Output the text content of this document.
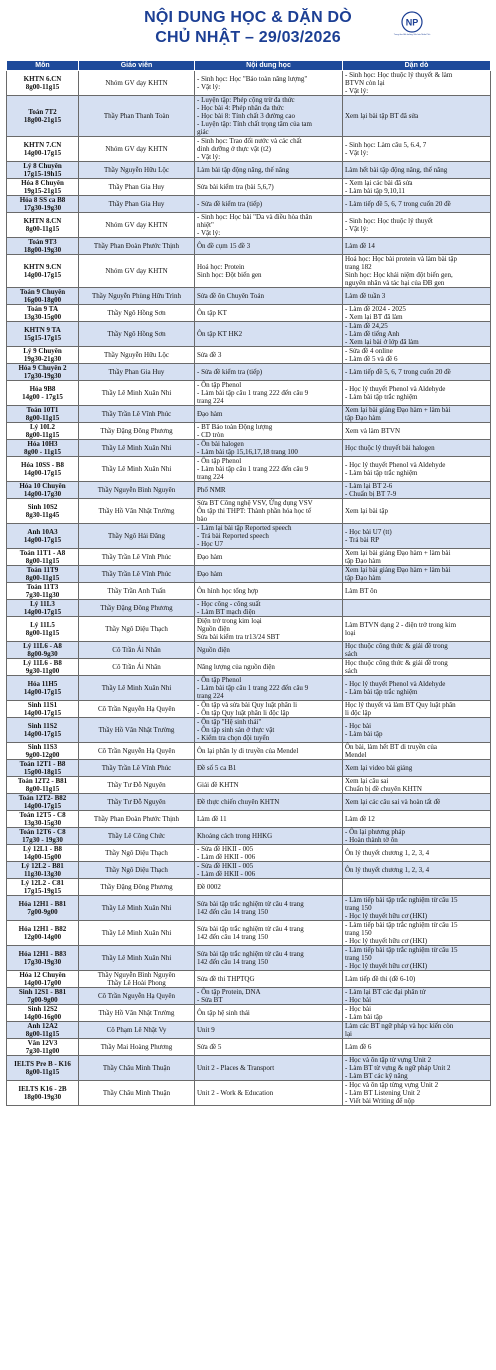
NỘI DUNG HỌC & DẶN DÒ
CHỦ NHẬT – 29/03/2026
NP
Trung tâm Bồi dưỡng Văn hóa Nhân Phú
Môn	Giáo viên	Nội dung học	Dặn dò

KHTN 6.CN
8g00-11g15	Nhóm GV dạy KHTN	- Sinh học: Học "Bảo toàn năng lượng"
- Vật lý:	- Sinh học: Học thuộc lý thuyết & làm
BTVN còn lại
- Vật lý:

Toán 7T2
18g00-21g15	Thầy Phan Thanh Toàn	- Luyện tập: Phép cộng trừ đa thức
- Học bài 4: Phép nhân đa thức
- Học bài 8: Tính chất 3 đường cao
- Luyện tập: Tính chất trọng tâm của tam
giác	Xem lại bài tập BT đã sửa

KHTN 7.CN
14g00-17g15	Nhóm GV dạy KHTN	- Sinh học: Trao đổi nước và các chất
dinh dưỡng ở thực vật (t2)
- Vật lý:	- Sinh học: Làm câu 5, 6.4, 7
- Vật lý:

Lý 8 Chuyên
17g15-19h15	Thầy Nguyễn Hữu Lộc	Làm bài tập động năng, thế năng	Làm hết bài tập động năng, thế năng

Hóa 8 Chuyên
19g15-21g15	Thầy Phan Gia Huy	Sửa bài kiểm tra (bài 5,6,7)	- Xem lại các bài đã sửa
- Làm bài tập 9,10,11

Hóa 8 SS ca B8
17g30-19g30	Thầy Phan Gia Huy	- Sửa đề kiểm tra (tiếp)	- Làm tiếp đề 5, 6, 7 trong cuốn 20 đề

KHTN 8.CN
8g00-11g15	Nhóm GV dạy KHTN	- Sinh học: Học bài "Da và điều hòa thân
nhiệt"
- Vật lý:	- Sinh học: Học thuộc lý thuyết
- Vật lý:

Toán 9T3
18g00-19g30	Thầy Phan Đoàn Phước Thịnh	Ôn đề cụm 15 đề 3	Làm đề 14

KHTN 9.CN
14g00-17g15	Nhóm GV dạy KHTN	Hoá học: Protein
Sinh học: Đột biến gen	Hoá học: Học bài protein và làm bài tập
trang 182
Sinh học: Học khái niệm đột biến gen,
nguyên nhân và tác hại của ĐB gen

Toán 9 Chuyên
16g00-18g00	Thầy Nguyễn Phùng Hữu Trình	Sửa đề ôn Chuyên Toán	Làm đề tuần 3

Toán 9 TA
13g30-15g00	Thầy Ngô Hồng Sơn	Ôn tập KT	- Làm đề 2024 - 2025
- Xem lại BT đã làm

KHTN 9 TA
15g15-17g15	Thầy Ngô Hồng Sơn	Ôn tập KT HK2	- Làm đề 24,25
- Làm đề tiếng Anh
- Xem lại bài ở lớp đã làm

Lý 9 Chuyên
19g30-21g30	Thầy Nguyễn Hữu Lộc	Sửa đề 3	- Sửa đề 4 online
- Làm đề 5 và đề 6

Hóa 9 Chuyên 2
17g30-19g30	Thầy Phan Gia Huy	- Sửa đề kiểm tra (tiếp)	- Làm tiếp đề 5, 6, 7 trong cuốn 20 đề

Hóa 9B8
14g00 - 17g15	Thầy Lê Minh Xuân Nhi	- Ôn tập Phenol
- Làm bài tập câu 1 trang 222 đến câu 9
trang 224	- Học lý thuyết Phenol và Aldehyde
- Làm bài tập trắc nghiệm

Toán 10T1
8g00-11g15	Thầy Trần Lê Vĩnh Phúc	Đạo hàm	Xem lại bài giảng Đạo hàm + làm bài
tập Đạo hàm

Lý 10L2
8g00-11g15	Thầy Đặng Đông Phương	- BT Bảo toàn Động lượng
- CD tròn	Xem và làm BTVN

Hóa 10H3
8g00 - 11g15	Thầy Lê Minh Xuân Nhi	- Ôn bài halogen
- Làm bài tập 15,16,17,18 trang 100	Học thuộc lý thuyết bài halogen

Hóa 10SS - B8
14g00-17g15	Thầy Lê Minh Xuân Nhi	- Ôn tập Phenol
- Làm bài tập câu 1 trang 222 đến câu 9
trang 224	- Học lý thuyết Phenol và Aldehyde
- Làm bài tập trắc nghiệm

Hóa 10 Chuyên
14g00-17g30	Thầy Nguyễn Bình Nguyên	Phổ NMR	- Làm lại BT 2-6
- Chuẩn bị BT 7-9

Sinh 10S2
8g30-11g45	Thầy Hồ Văn Nhật Trường	Sửa BT Công nghệ VSV, Ứng dụng VSV
Ôn tập thi THPT: Thành phần hóa học tế
bào	Xem lại bài tập

Anh 10A3
14g00-17g15	Thầy Ngô Hải Đăng	- Làm lại bài tập Reported speech
- Trả bài Reported speech
- Học U7	- Học bài U7 (tt)
- Trả bài RP

Toán 11T1 - A8
8g00-11g15	Thầy Trần Lê Vĩnh Phúc	Đạo hàm	Xem lại bài giảng Đạo hàm + làm bài
tập Đạo hàm

Toán 11T9
8g00-11g15	Thầy Trần Lê Vĩnh Phúc	Đạo hàm	Xem lại bài giảng Đạo hàm + làm bài
tập Đạo hàm

Toán 11T3
7g30-11g30	Thầy Trần Anh Tuấn	Ôn hình học tổng hợp	Làm BT ôn

Lý 11L3
14g00-17g15	Thầy Đặng Đông Phương	- Học công - công suất
- Làm BT mạch điện	

Lý 11L5
8g00-11g15	Thầy Ngô Diệu Thạch	Điện trở trong kim loại
Nguồn điện
Sửa bài kiểm tra tr13/24 SBT	Làm BTVN dạng 2 - điện trở trong kim
loại

Lý 11L6 - A8
8g00-9g30	Cô Trần Ái Nhân	Nguồn điện	Học thuộc công thức & giải đề trong
sách

Lý 11L6 - B8
9g30-11g00	Cô Trần Ái Nhân	Năng lượng của nguồn điện	Học thuộc công thức & giải đề trong
sách

Hóa 11H5
14g00-17g15	Thầy Lê Minh Xuân Nhi	- Ôn tập Phenol
- Làm bài tập câu 1 trang 222 đến câu 9
trang 224	- Học lý thuyết Phenol và Aldehyde
- Làm bài tập trắc nghiệm

Sinh 11S1
14g00-17g15	Cô Trần Nguyễn Hạ Quyên	- Ôn tập và sửa bài Quy luật phân li
- Ôn tập Quy luật phân li độc lập	Học lý thuyết và làm BT Quy luật phân
li độc lập

Sinh 11S2
14g00-17g15	Thầy Hồ Văn Nhật Trường	- Ôn tập "Hệ sinh thái"
- Ôn tập sinh sản ở thực vật
- Kiểm tra chọn đội tuyển	- Học bài
- Làm bài tập

Sinh 11S3
9g00-12g00	Cô Trần Nguyễn Hạ Quyên	Ôn lại phân ly di truyền của Mendel	Ôn bài, làm hết BT di truyền của
Mendel

Toán 12T1 - B8
15g00-18g15	Thầy Trần Lê Vĩnh Phúc	Đề số 5 ca B1	Xem lại video bài giảng

Toán 12T2 - B81
8g00-11g15	Thầy Tư Đỗ Nguyên	Giải đề KHTN	Xem lại câu sai
Chuẩn bị đề chuyên KHTN

Toán 12T2- B82
14g00-17g15	Thầy Tư Đỗ Nguyên	Đề thực chiến chuyên KHTN	Xem lại các câu sai và hoàn tất đề

Toán 12T5 - C8
13g30-15g30	Thầy Phan Đoàn Phước Thịnh	Làm đề 11	Làm đề 12

Toán 12T6 - C8
17g30 - 19g30	Thầy Lê Công Chức	Khoảng cách trong HHKG	- Ôn lại phương pháp
- Hoàn thành tờ ôn

Lý 12L1 - B8
14g00-15g00	Thầy Ngô Diệu Thạch	- Sửa đề HKII - 005
- Làm đề HKII - 006	Ôn lý thuyết chương 1, 2, 3, 4

Lý 12L2 - B81
11g30-13g30	Thầy Ngô Diệu Thạch	- Sửa đề HKII - 005
- Làm đề HKII - 006	Ôn lý thuyết chương 1, 2, 3, 4

Lý 12L2 - C81
17g15-19g15	Thầy Đặng Đông Phương	Đề 0002	

Hóa 12H1 - B81
7g00-9g00	Thầy Lê Minh Xuân Nhi	Sửa bài tập trắc nghiệm từ câu 4 trang
142 đến câu 14 trang 150	- Làm tiếp bài tập trắc nghiệm từ câu 15
trang 150
- Học lý thuyết hữu cơ (HKI)

Hóa 12H1 - B82
12g00-14g00	Thầy Lê Minh Xuân Nhi	Sửa bài tập trắc nghiệm từ câu 4 trang
142 đến câu 14 trang 150	- Làm tiếp bài tập trắc nghiệm từ câu 15
trang 150
- Học lý thuyết hữu cơ (HKI)

Hóa 12H1 - B83
17g30-19g30	Thầy Lê Minh Xuân Nhi	Sửa bài tập trắc nghiệm từ câu 4 trang
142 đến câu 14 trang 150	- Làm tiếp bài tập trắc nghiệm từ câu 15
trang 150
- Học lý thuyết hữu cơ (HKI)

Hóa 12 Chuyên
14g00-17g00	Thầy Nguyễn Bình Nguyên
Thầy Lê Hoài Phong	Sửa đề thi THPTQG	Làm tiếp đề thi (đề 6-10)

Sinh 12S1 - B81
7g00-9g00	Cô Trần Nguyễn Hạ Quyên	- Ôn tập Protein, DNA
- Sửa BT	- Làm lại BT các đại phân tử
- Học bài

Sinh 12S2
14g00-16g00	Thầy Hồ Văn Nhật Trường	Ôn tập hệ sinh thái	- Học bài
- Làm bài tập

Anh 12A2
8g00-11g15	Cô Phạm Lê Nhật Vy	Unit 9	Làm các BT ngữ pháp và học kiến còn
lại

Văn 12V3
7g30-11g00	Thầy Mai Hoàng Phương	Sửa đề 5	Làm đề 6

IELTS Pre B - K16
8g00-11g15	Thầy Châu Minh Thuận	Unit 2 - Places & Transport	- Học và ôn tập từ vựng Unit 2
- Làm BT từ vựng & ngữ pháp Unit 2
- Làm BT các kỹ năng

IELTS K16 - 2B
18g00-19g30	Thầy Châu Minh Thuận	Unit 2 - Work & Education	- Học và ôn tập từng vựng Unit 2
- Làm BT Listening Unit 2
- Viết bài Writing để nộp
